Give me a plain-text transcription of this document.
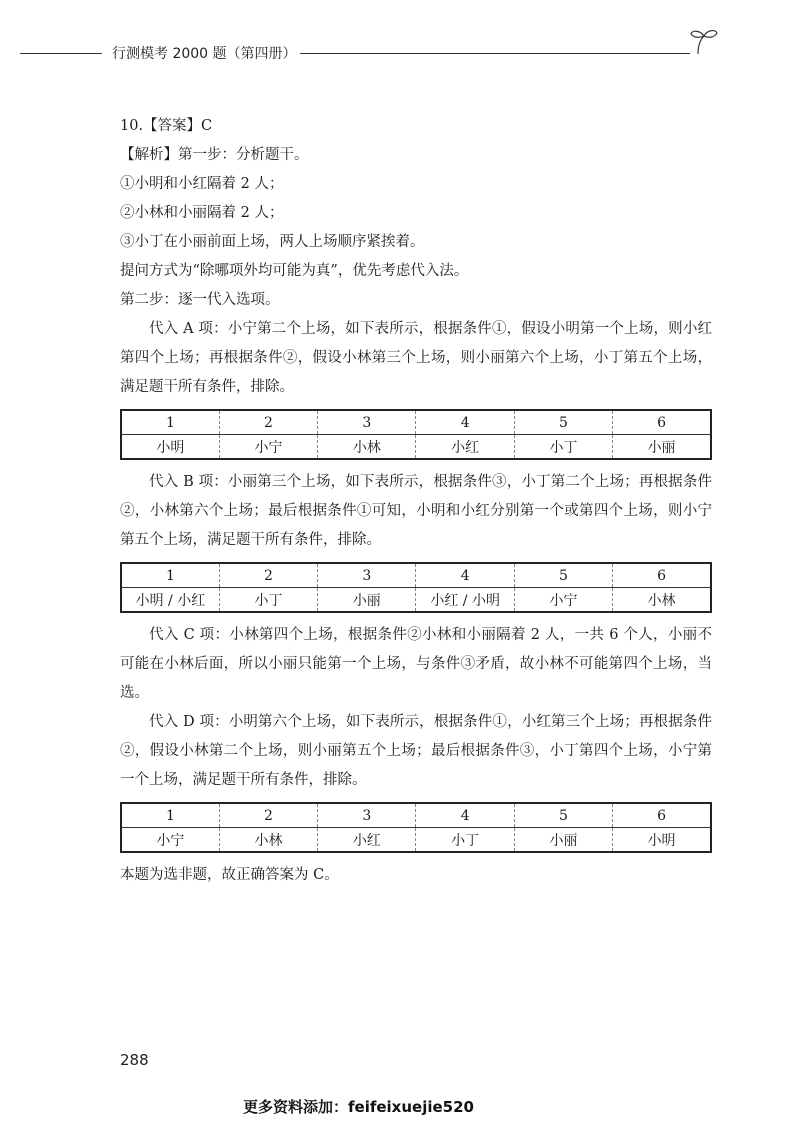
行测模考 2000 题（第四册）
10.【答案】C
【解析】第一步：分析题干。
①小明和小红隔着 2 人；
②小林和小丽隔着 2 人；
③小丁在小丽前面上场，两人上场顺序紧挨着。
提问方式为“除哪项外均可能为真”，优先考虑代入法。
第二步：逐一代入选项。

代入 A 项：小宁第二个上场，如下表所示，根据条件①，假设小明第一个上场，则小红第四个上场；再根据条件②，假设小林第三个上场，则小丽第六个上场，小丁第五个上场，满足题干所有条件，排除。

1	2	3	4	5	6
小明	小宁	小林	小红	小丁	小丽

代入 B 项：小丽第三个上场，如下表所示，根据条件③，小丁第二个上场；再根据条件②，小林第六个上场；最后根据条件①可知，小明和小红分别第一个或第四个上场，则小宁第五个上场，满足题干所有条件，排除。

1	2	3	4	5	6
小明 / 小红	小丁	小丽	小红 / 小明	小宁	小林

代入 C 项：小林第四个上场，根据条件②小林和小丽隔着 2 人，一共 6 个人，小丽不可能在小林后面，所以小丽只能第一个上场，与条件③矛盾，故小林不可能第四个上场，当选。

代入 D 项：小明第六个上场，如下表所示，根据条件①，小红第三个上场；再根据条件②，假设小林第二个上场，则小丽第五个上场；最后根据条件③，小丁第四个上场，小宁第一个上场，满足题干所有条件，排除。

1	2	3	4	5	6
小宁	小林	小红	小丁	小丽	小明
本题为选非题，故正确答案为 C。
288
更多资料添加：feifeixuejie520
